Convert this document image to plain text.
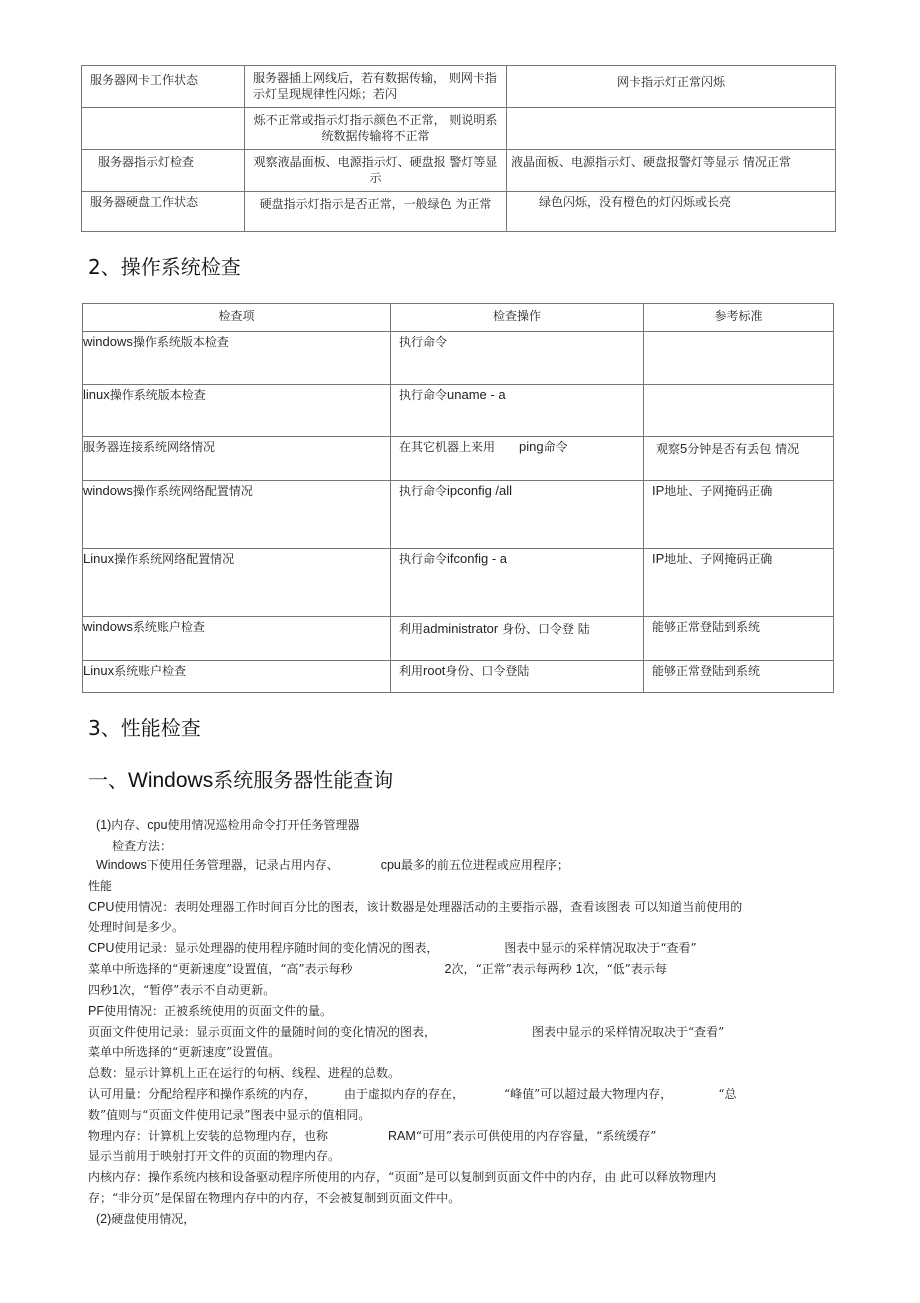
服务器网卡工作状态	服务器插上网线后，若有数据传输， 则网卡指示灯呈现规律性闪烁；若闪	网卡指示灯正常闪烁
	烁不正常或指示灯指示颜色不正常， 则说明系统数据传输将不正常	
服务器指示灯检查	观察液晶面板、电源指示灯、硬盘报 警灯等显示	液晶面板、电源指示灯、硬盘报警灯等显示 情况正常
服务器硬盘工作状态	硬盘指示灯指示是否正常，一般绿色 为正常	绿色闪烁，没有橙色的灯闪烁或长亮
2、操作系统检查
检查项	检查操作	参考标准
windows操作系统版本检查	执行命令	
linux操作系统版本检查	执行命令uname - a	
服务器连接系统网络情况	在其它机器上来用 ping命令	观察5分钟是否有丢包 情况
windows操作系统网络配置情况	执行命令ipconfig /all	IP地址、子网掩码正确
Linux操作系统网络配置情况	执行命令ifconfig - a	IP地址、子网掩码正确
windows系统账户检查	利用administrator 身份、口令登 陆	能够正常登陆到系统
Linux系统账户检查	利用root身份、口令登陆	能够正常登陆到系统
3、性能检查
一、Windows系统服务器性能查询
(1)内存、cpu使用情况巡检用命令打开任务管理器
检查方法：
Windows下使用任务管理器，记录占用内存、	cpu最多的前五位进程或应用程序；
性能
CPU使用情况：表明处理器工作时间百分比的图表，该计数器是处理器活动的主要指示器，查看该图表 可以知道当前使用的
处理时间是多少。
CPU使用记录：显示处理器的使用程序随时间的变化情况的图表，	图表中显示的采样情况取决于“查看”
菜单中所选择的“更新速度”设置值，“高”表示每秒	2次，“正常”表示每两秒 1次，“低”表示每
四秒1次，“暂停”表示不自动更新。
PF使用情况：正被系统使用的页面文件的量。
页面文件使用记录：显示页面文件的量随时间的变化情况的图表，	图表中显示的采样情况取决于“查看”
菜单中所选择的“更新速度”设置值。
总数：显示计算机上正在运行的句柄、线程、进程的总数。
认可用量：分配给程序和操作系统的内存， 由于虚拟内存的存在，	“峰值”可以超过最大物理内存，	“总
数”值则与“页面文件使用记录”图表中显示的值相同。
物理内存：计算机上安装的总物理内存，也称	RAM“可用”表示可供使用的内存容量，“系统缓存”
显示当前用于映射打开文件的页面的物理内存。
内核内存：操作系统内核和设备驱动程序所使用的内存，“页面”是可以复制到页面文件中的内存，由 此可以释放物理内
存；“非分页”是保留在物理内存中的内存，不会被复制到页面文件中。
(2)硬盘使用情况，
